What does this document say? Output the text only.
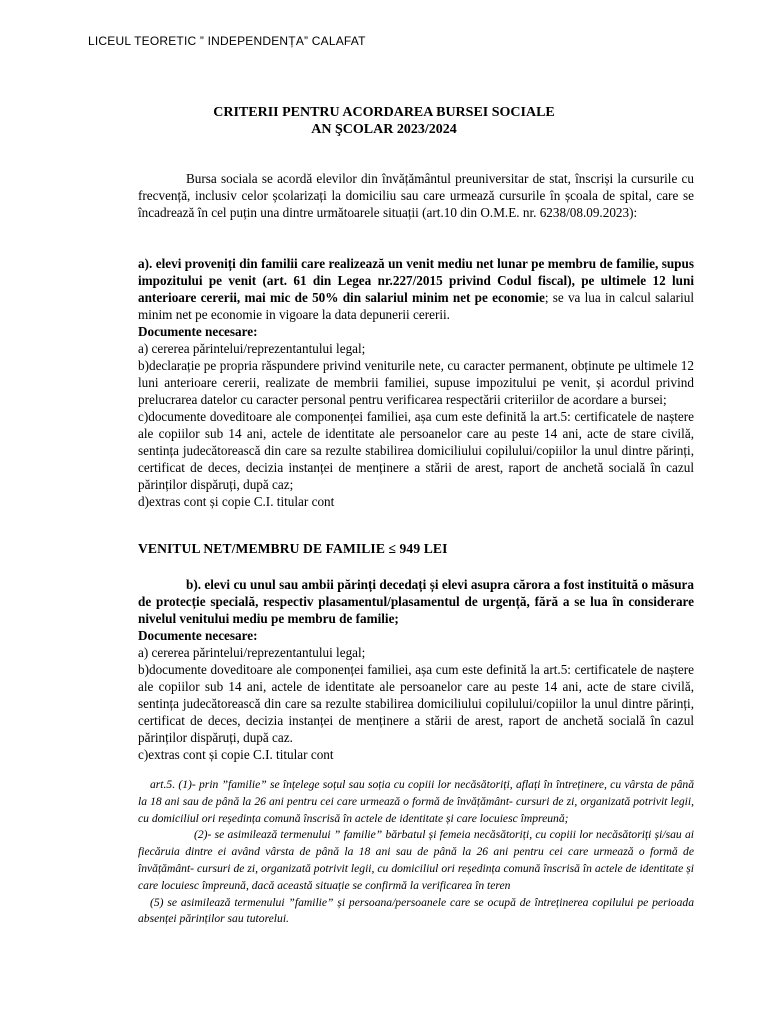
LICEUL TEORETIC ” INDEPENDENȚA” CALAFAT
CRITERII PENTRU ACORDAREA BURSEI SOCIALE
AN ŞCOLAR 2023/2024
Bursa sociala se acordă elevilor din învățământul preuniversitar de stat, înscriși la cursurile cu frecvență, inclusiv celor școlarizați la domiciliu sau care urmează cursurile în școala de spital, care se încadrează în cel puțin una dintre următoarele situații (art.10 din O.M.E. nr. 6238/08.09.2023):

a). elevi proveniți din familii care realizează un venit mediu net lunar pe membru de familie, supus impozitului pe venit (art. 61 din Legea nr.227/2015 privind Codul fiscal), pe ultimele 12 luni anterioare cererii, mai mic de 50% din salariul minim net pe economie; se va lua in calcul salariul minim net pe economie in vigoare la data depunerii cererii.

Documente necesare:

a) cererea părintelui/reprezentantului legal;

b)declarație pe propria răspundere privind veniturile nete, cu caracter permanent, obținute pe ultimele 12 luni anterioare cererii, realizate de membrii familiei, supuse impozitului pe venit, și acordul privind prelucrarea datelor cu caracter personal pentru verificarea respectării criteriilor de acordare a bursei;

c)documente doveditoare ale componenței familiei, așa cum este definită la art.5: certificatele de naștere ale copiilor sub 14 ani, actele de identitate ale persoanelor care au peste 14 ani, acte de stare civilă, sentința judecătorească din care sa rezulte stabilirea domiciliului copilului/copiilor la unul dintre părinți, certificat de deces, decizia instanței de menținere a stării de arest, raport de anchetă socială în cazul părinților dispăruți, după caz;

d)extras cont și copie C.I. titular cont

VENITUL NET/MEMBRU DE FAMILIE ≤ 949 LEI

b). elevi cu unul sau ambii părinți decedați și elevi asupra cărora a fost instituită o măsura de protecție specială, respectiv plasamentul/plasamentul de urgență, fără a se lua în considerare nivelul venitului mediu pe membru de familie;

Documente necesare:

a) cererea părintelui/reprezentantului legal;

b)documente doveditoare ale componenței familiei, așa cum este definită la art.5: certificatele de naștere ale copiilor sub 14 ani, actele de identitate ale persoanelor care au peste 14 ani, acte de stare civilă, sentința judecătorească din care sa rezulte stabilirea domiciliului copilului/copiilor la unul dintre părinți, certificat de deces, decizia instanței de menținere a stării de arest, raport de anchetă socială în cazul părinților dispăruți, după caz.

c)extras cont și copie C.I. titular cont

art.5. (1)- prin ”familie” se înțelege soțul sau soția cu copiii lor necăsătoriți, aflați în întreținere, cu vârsta de până la 18 ani sau de până la 26 ani pentru cei care urmează o formă de învățământ- cursuri de zi, organizată potrivit legii, cu domiciliul ori reședința comună înscrisă în actele de identitate și care locuiesc împreună;

(2)- se asimilează termenului ” familie” bărbatul și femeia necăsătoriți, cu copiii lor necăsătoriți și/sau ai fiecăruia dintre ei având vârsta de până la 18 ani sau de până la 26 ani pentru cei care urmează o formă de învățământ- cursuri de zi, organizată potrivit legii, cu domiciliul ori reședința comună înscrisă în actele de identitate și care locuiesc împreună, dacă această situație se confirmă la verificarea în teren

(5) se asimilează termenului ”familie” și persoana/persoanele care se ocupă de întreținerea copilului pe perioada absenței părinților sau tutorelui.
